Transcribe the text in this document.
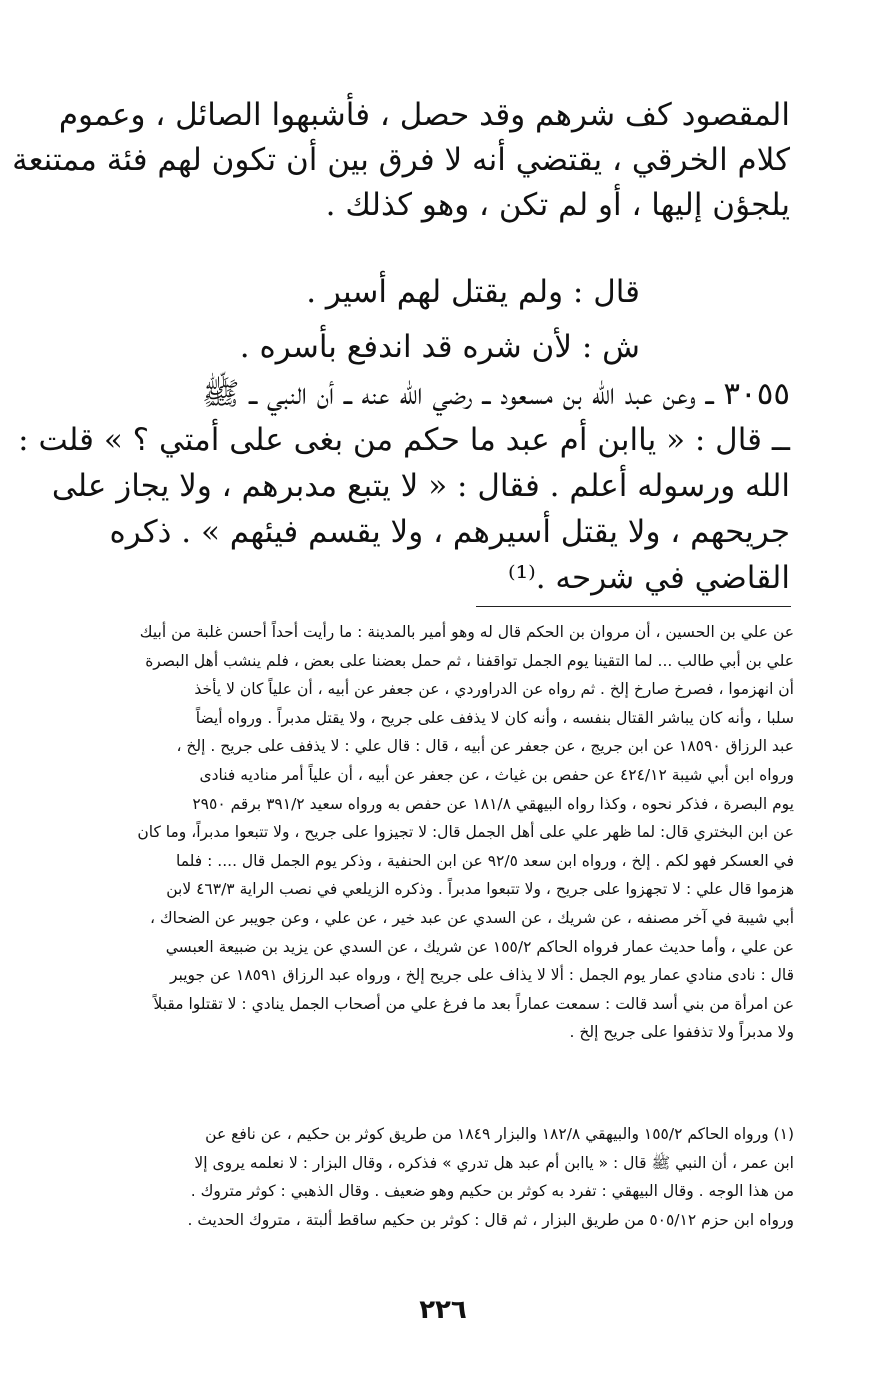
المقصود كف شرهم وقد حصل ، فأشبهوا الصائل ، وعموم
كلام الخرقي ، يقتضي أنه لا فرق بين أن تكون لهم فئة ممتنعة
يلجؤن إليها ، أو لم تكن ، وهو كذلك .
قال : ولم يقتل لهم أسير .
ش : لأن شره قد اندفع بأسره .
٣٠٥٥ ــ وعن عبد الله بن مسعود ــ رضي الله عنه ــ أن النبي ــ ﷺ
ــ قال : « ياابن أم عبد ما حكم من بغى على أمتي ؟ » قلت :
الله ورسوله أعلم . فقال : « لا يتبع مدبرهم ، ولا يجاز على
جريحهم ، ولا يقتل أسيرهم ، ولا يقسم فيئهم » . ذكره
القاضي في شرحه .⁽¹⁾
عن علي بن الحسين ، أن مروان بن الحكم قال له وهو أمير بالمدينة : ما رأيت أحداً أحسن غلبة من أبيك
علي بن أبي طالب ... لما التقينا يوم الجمل تواقفنا ، ثم حمل بعضنا على بعض ، فلم ينشب أهل البصرة
أن انهزموا ، فصرخ صارخ إلخ . ثم رواه عن الدراوردي ، عن جعفر عن أبيه ، أن علياً كان لا يأخذ
سلبا ، وأنه كان يباشر القتال بنفسه ، وأنه كان لا يذفف على جريح ، ولا يقتل مدبراً . ورواه أيضاً
عبد الرزاق ١٨٥٩٠ عن ابن جريج ، عن جعفر عن أبيه ، قال : قال علي : لا يذفف على جريح . إلخ ،
ورواه ابن أبي شيبة ٤٢٤/١٢ عن حفص بن غياث ، عن جعفر عن أبيه ، أن علياً أمر مناديه فنادى
يوم البصرة ، فذكر نحوه ، وكذا رواه البيهقي ١٨١/٨ عن حفص به ورواه سعيد ٣٩١/٢ برقم ٢٩٥٠
عن ابن البختري قال: لما ظهر علي على أهل الجمل قال: لا تجيزوا على جريح ، ولا تتبعوا مدبراً، وما كان
في العسكر فهو لكم . إلخ ، ورواه ابن سعد ٩٢/٥ عن ابن الحنفية ، وذكر يوم الجمل قال .... : فلما
هزموا قال علي : لا تجهزوا على جريح ، ولا تتبعوا مدبراً . وذكره الزيلعي في نصب الراية ٤٦٣/٣ لابن
أبي شيبة في آخر مصنفه ، عن شريك ، عن السدي عن عبد خير ، عن علي ، وعن جويبر عن الضحاك ،
عن علي ، وأما حديث عمار فرواه الحاكم ١٥٥/٢ عن شريك ، عن السدي عن يزيد بن ضبيعة العبسي
قال : نادى منادي عمار يوم الجمل : ألا لا يذاف على جريح إلخ ، ورواه عبد الرزاق ١٨٥٩١ عن جويبر
عن امرأة من بني أسد قالت : سمعت عماراً بعد ما فرغ علي من أصحاب الجمل ينادي : لا تقتلوا مقبلاً
ولا مدبراً ولا تذففوا على جريح إلخ .
(١) ورواه الحاكم ١٥٥/٢ والبيهقي ١٨٢/٨ والبزار ١٨٤٩ من طريق كوثر بن حكيم ، عن نافع عن
ابن عمر ، أن النبي ﷺ قال : « ياابن أم عبد هل تدري » فذكره ، وقال البزار : لا نعلمه يروى إلا
من هذا الوجه . وقال البيهقي : تفرد به كوثر بن حكيم وهو ضعيف . وقال الذهبي : كوثر متروك .
ورواه ابن حزم ٥٠٥/١٢ من طريق البزار ، ثم قال : كوثر بن حكيم ساقط ألبتة ، متروك الحديث .
٢٢٦
